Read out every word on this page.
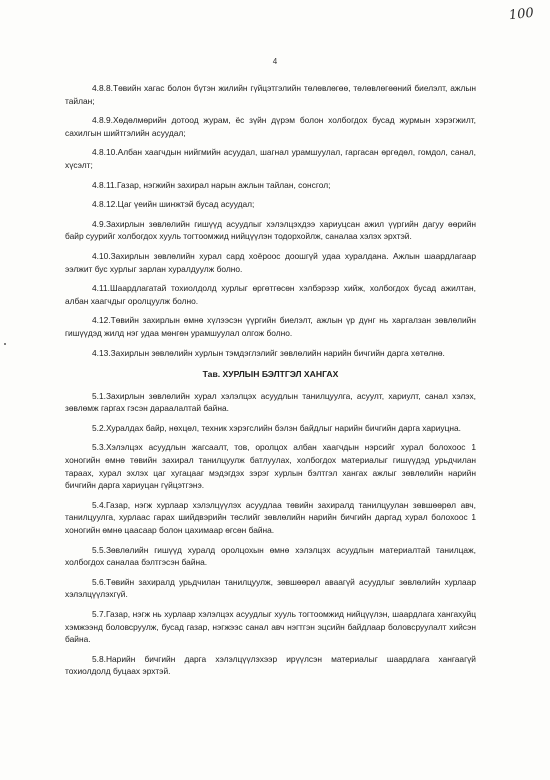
100
4

4.8.8.Төвийн хагас болон бүтэн жилийн гүйцэтгэлийн төлөвлөгөө, төлөвлөгөөний биелэлт, ажлын тайлан;

4.8.9.Хөдөлмөрийн дотоод журам, ёс зүйн дүрэм болон холбогдох бусад журмын хэрэгжилт, сахилгын шийтгэлийн асуудал;

4.8.10.Албан хаагчдын нийгмийн асуудал, шагнал урамшуулал, гаргасан өргөдөл, гомдол, санал, хүсэлт;

4.8.11.Газар, нэгжийн захирал нарын ажлын тайлан, сонсгол;

4.8.12.Цаг үеийн шинжтэй бусад асуудал;

4.9.Захирлын зөвлөлийн гишүүд асуудлыг хэлэлцэхдээ хариуцсан ажил үүргийн дагуу өөрийн байр суурийг холбогдох хууль тогтоомжид нийцүүлэн тодорхойлж, саналаа хэлэх эрхтэй.

4.10.Захирлын зөвлөлийн хурал сард хоёроос доошгүй удаа хуралдана. Ажлын шаардлагаар ээлжит бус хурлыг зарлан хуралдуулж болно.

4.11.Шаардлагатай тохиолдолд хурлыг өргөтгөсөн хэлбэрээр хийж, холбогдох бусад ажилтан, албан хаагчдыг оролцуулж болно.

4.12.Төвийн захирлын өмнө хүлээсэн үүргийн биелэлт, ажлын үр дүнг нь харгалзан зөвлөлийн гишүүдэд жилд нэг удаа мөнгөн урамшуулал олгож болно.

4.13.Захирлын зөвлөлийн хурлын тэмдэглэлийг зөвлөлийн нарийн бичгийн дарга хөтөлнө.

Тав. ХУРЛЫН БЭЛТГЭЛ ХАНГАХ

5.1.Захирлын зөвлөлийн хурал хэлэлцэх асуудлын танилцуулга, асуулт, хариулт, санал хэлэх, зөвлөмж гаргах гэсэн дараалалтай байна.

5.2.Хуралдах байр, нөхцөл, техник хэрэгслийн бэлэн байдлыг нарийн бичгийн дарга хариуцна.

5.3.Хэлэлцэх асуудлын жагсаалт, тов, оролцох албан хаагчдын нэрсийг хурал болохоос 1 хоногийн өмнө төвийн захирал танилцуулж батлуулах, холбогдох материалыг гишүүдэд урьдчилан тараах, хурал эхлэх цаг хугацааг мэдэгдэх зэрэг хурлын бэлтгэл хангах ажлыг зөвлөлийн нарийн бичгийн дарга хариуцан гүйцэтгэнэ.

5.4.Газар, нэгж хурлаар хэлэлцүүлэх асуудлаа төвийн захиралд танилцуулан зөвшөөрөл авч, танилцуулга, хурлаас гарах шийдвэрийн төслийг зөвлөлийн нарийн бичгийн даргад хурал болохоос 1 хоногийн өмнө цаасаар болон цахимаар өгсөн байна.

5.5.Зөвлөлийн гишүүд хуралд оролцохын өмнө хэлэлцэх асуудлын материалтай танилцаж, холбогдох саналаа бэлтгэсэн байна.

5.6.Төвийн захиралд урьдчилан танилцуулж, зөвшөөрөл аваагүй асуудлыг зөвлөлийн хурлаар хэлэлцүүлэхгүй.

5.7.Газар, нэгж нь хурлаар хэлэлцэх асуудлыг хууль тогтоомжид нийцүүлэн, шаардлага хангахуйц хэмжээнд боловсруулж, бусад газар, нэгжээс санал авч нэгтгэн эцсийн байдлаар боловсруулалт хийсэн байна.

5.8.Нарийн бичгийн дарга хэлэлцүүлэхээр ирүүлсэн материалыг шаардлага хангаагүй тохиолдолд буцаах эрхтэй.
